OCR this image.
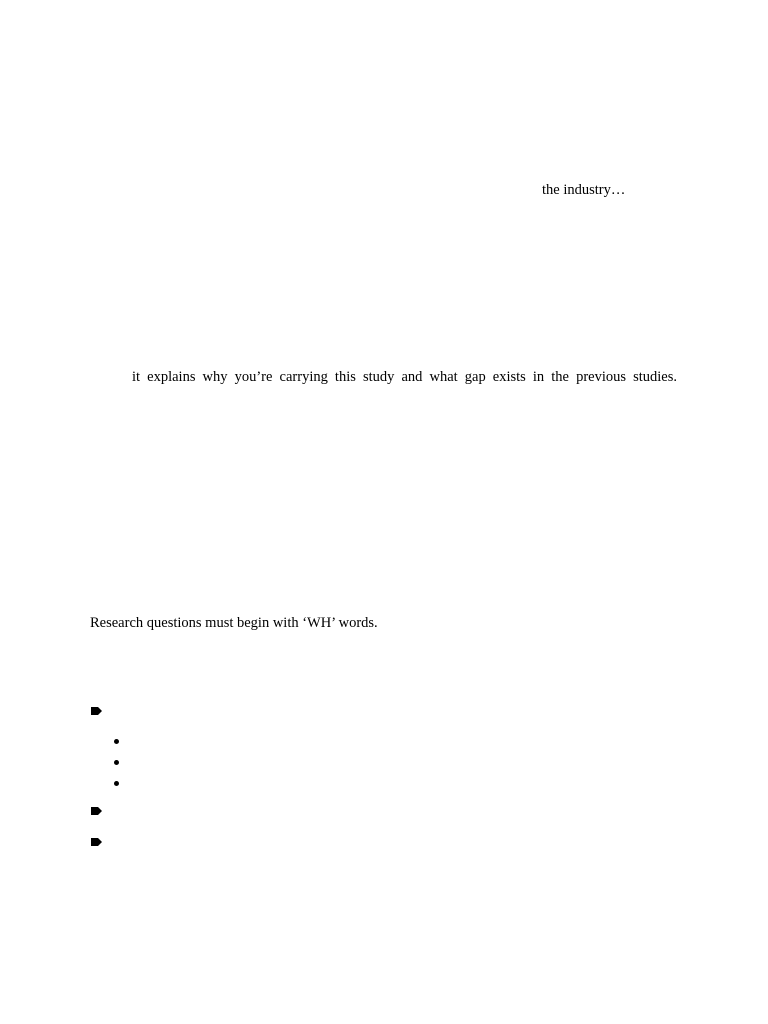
the industry…
it explains why you’re carrying this study and what gap exists in the previous studies.
Research questions must begin with ‘WH’ words.
